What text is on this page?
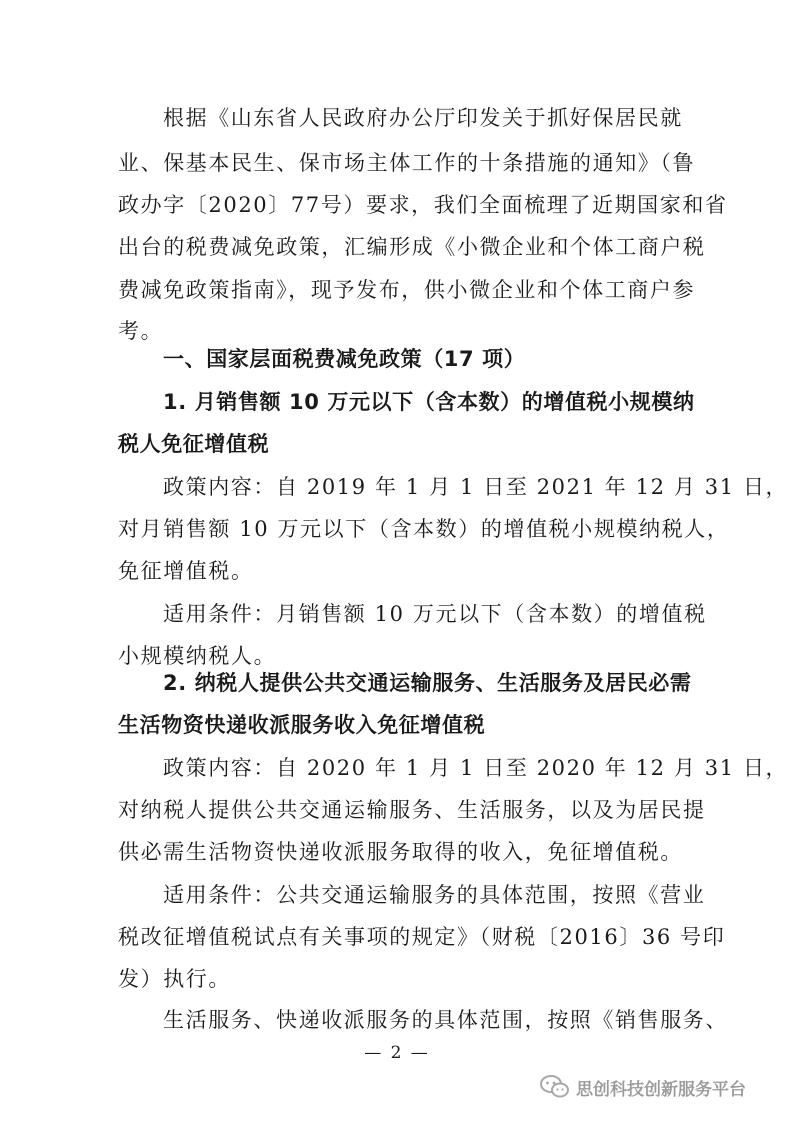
根据《山东省人民政府办公厅印发关于抓好保居民就
业、保基本民生、保市场主体工作的十条措施的通知》（鲁
政办字〔2020〕77号）要求，我们全面梳理了近期国家和省
出台的税费减免政策，汇编形成《小微企业和个体工商户税
费减免政策指南》，现予发布，供小微企业和个体工商户参
考。
一、国家层面税费减免政策（17 项）
1. 月销售额 10 万元以下（含本数）的增值税小规模纳
税人免征增值税
政策内容：自 2019 年 1 月 1 日至 2021 年 12 月 31 日，
对月销售额 10 万元以下（含本数）的增值税小规模纳税人，
免征增值税。
适用条件：月销售额 10 万元以下（含本数）的增值税
小规模纳税人。
2. 纳税人提供公共交通运输服务、生活服务及居民必需
生活物资快递收派服务收入免征增值税
政策内容：自 2020 年 1 月 1 日至 2020 年 12 月 31 日，
对纳税人提供公共交通运输服务、生活服务，以及为居民提
供必需生活物资快递收派服务取得的收入，免征增值税。
适用条件：公共交通运输服务的具体范围，按照《营业
税改征增值税试点有关事项的规定》（财税〔2016〕36 号印
发）执行。
生活服务、快递收派服务的具体范围，按照《销售服务、
— 2 —
思创科技创新服务平台
